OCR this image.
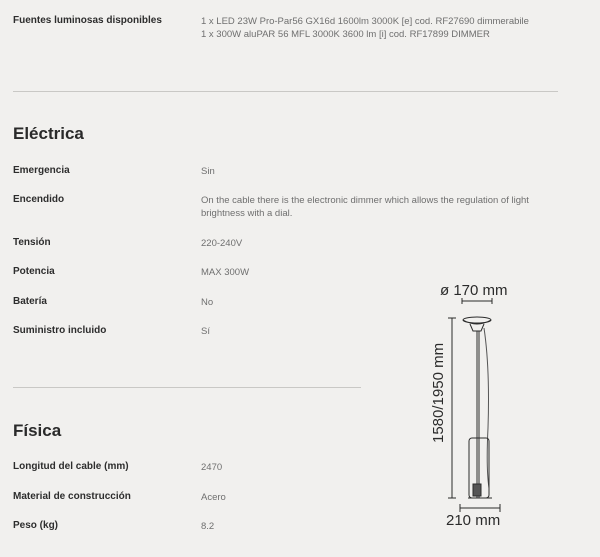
Fuentes luminosas disponibles	1 x LED 23W Pro-Par56 GX16d 1600lm 3000K [e] cod. RF27690 dimmerabile
1 x 300W aluPAR 56 MFL 3000K 3600 lm [i] cod. RF17899 DIMMER
Eléctrica
Emergencia	Sin
Encendido	On the cable there is the electronic dimmer which allows the regulation of light brightness with a dial.
Tensión	220-240V
Potencia	MAX 300W
Batería	No
Suministro incluido	Sí
Física
Longitud del cable (mm)	2470
Material de construcción	Acero
Peso (kg)	8.2
ø 170 mm
1580/1950 mm
210 mm
